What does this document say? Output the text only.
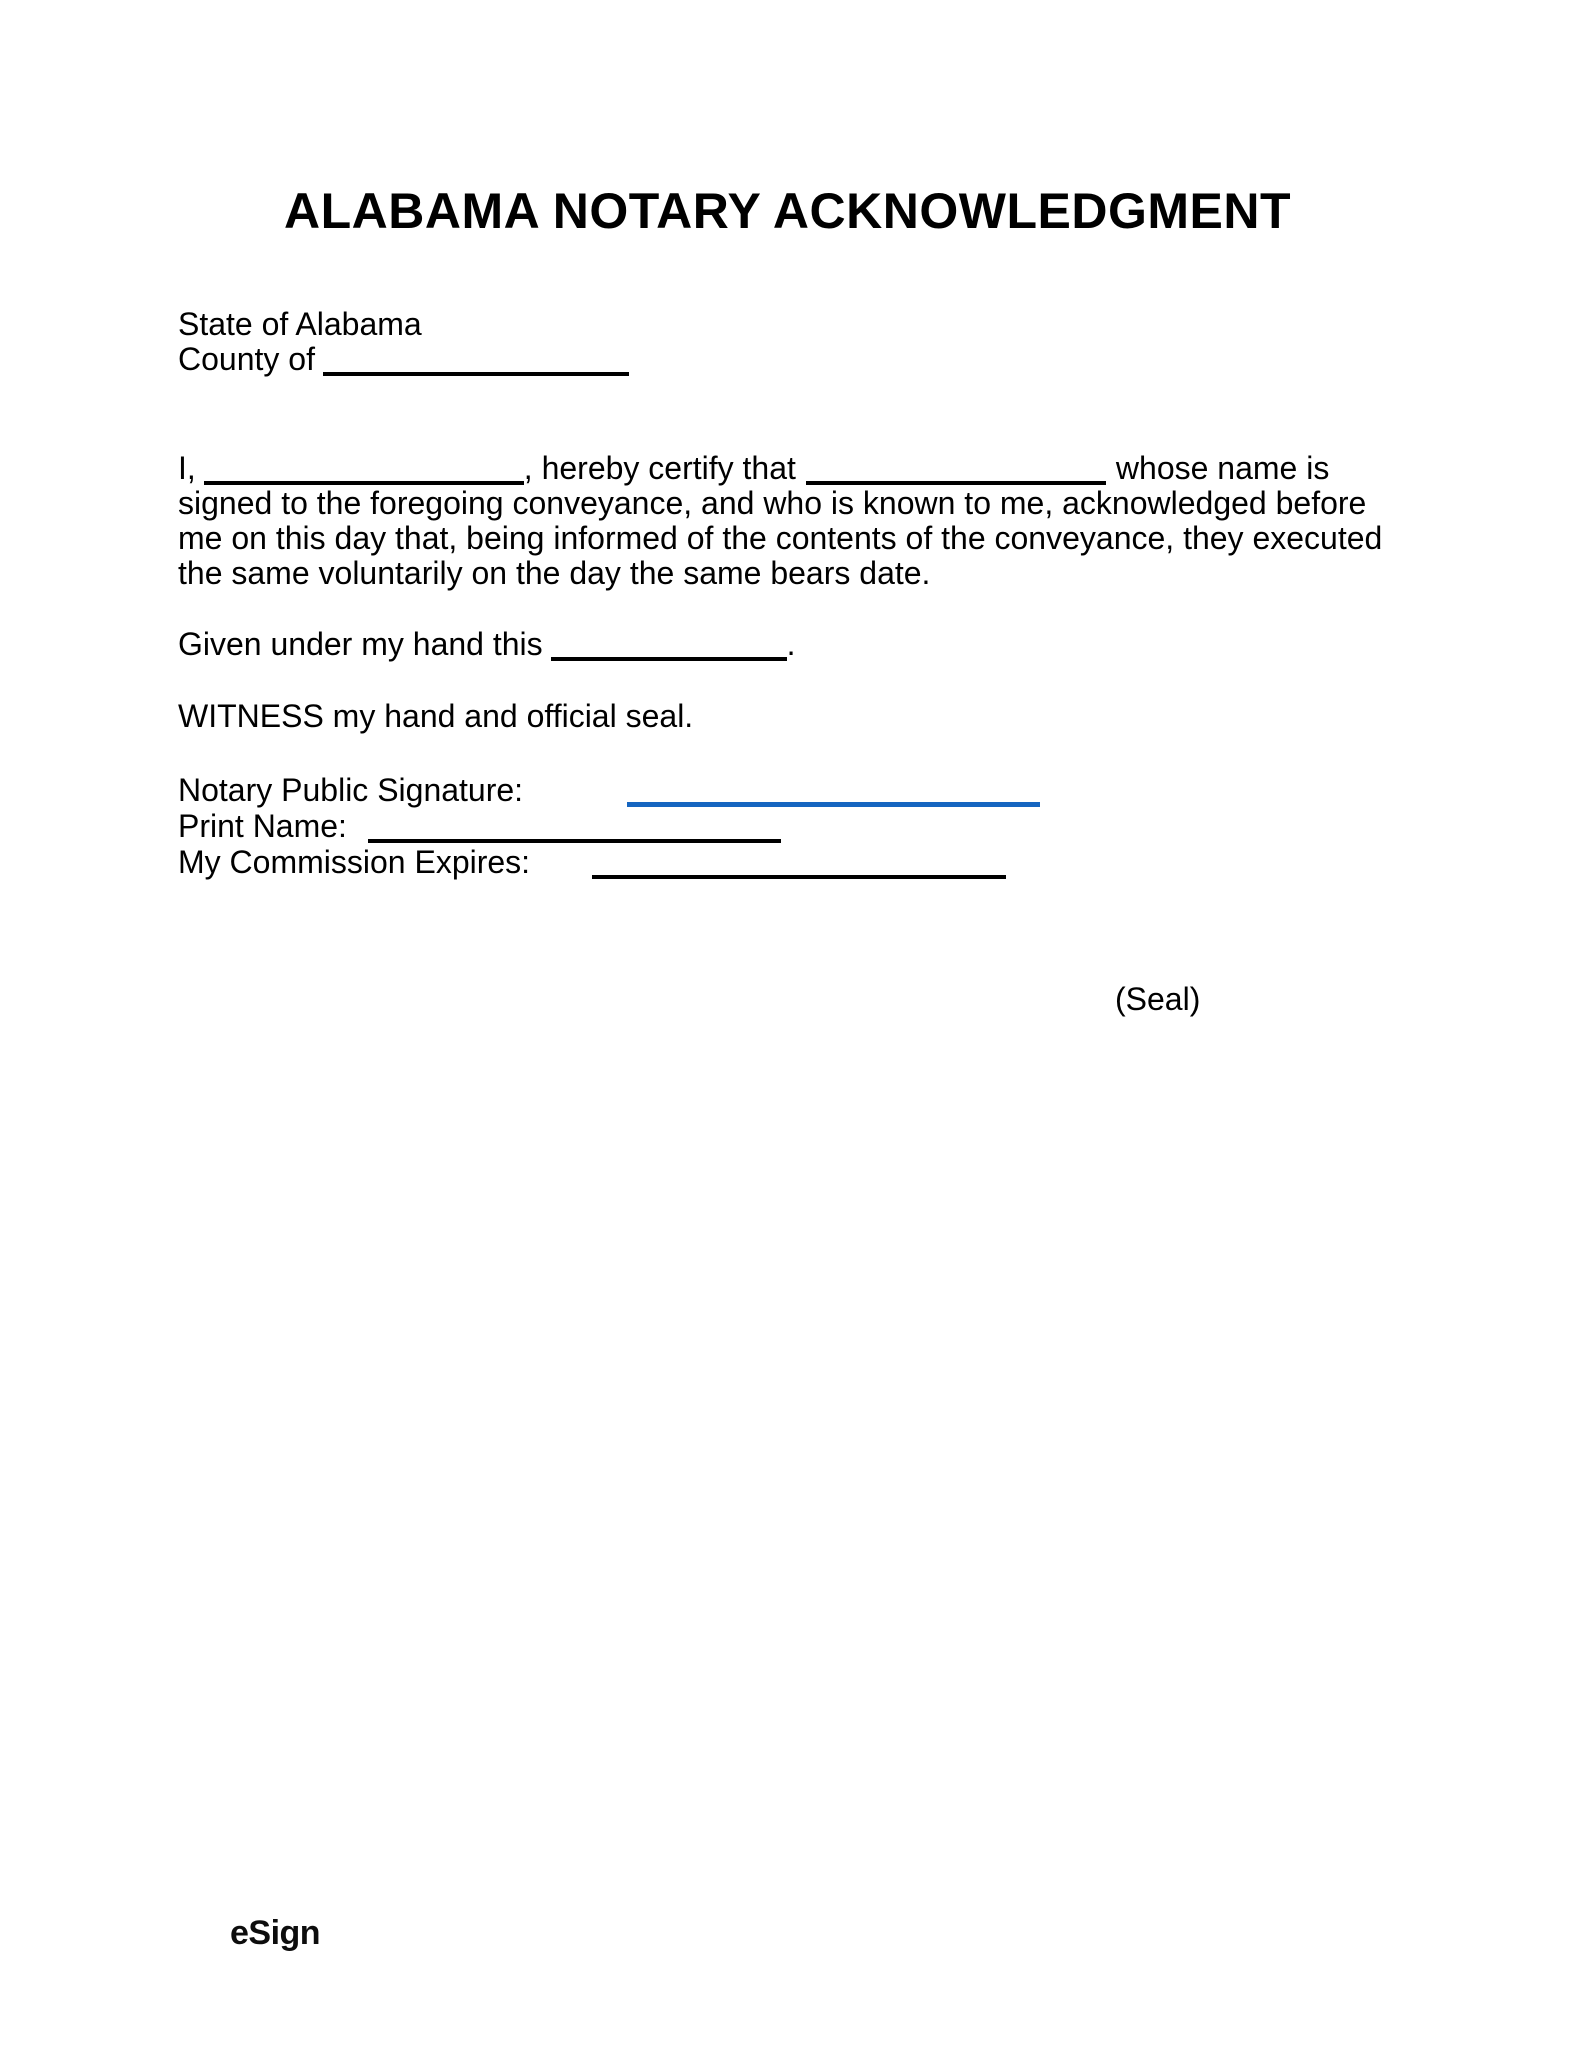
ALABAMA NOTARY ACKNOWLEDGMENT
State of Alabama
County of
I,	, hereby certify that	whose name is
signed to the foregoing conveyance, and who is known to me, acknowledged before
me on this day that, being informed of the contents of the conveyance, they executed
the same voluntarily on the day the same bears date.
Given under my hand this	.
WITNESS my hand and official seal.
Notary Public Signature:
Print Name:
My Commission Expires:
(Seal)
eSign
